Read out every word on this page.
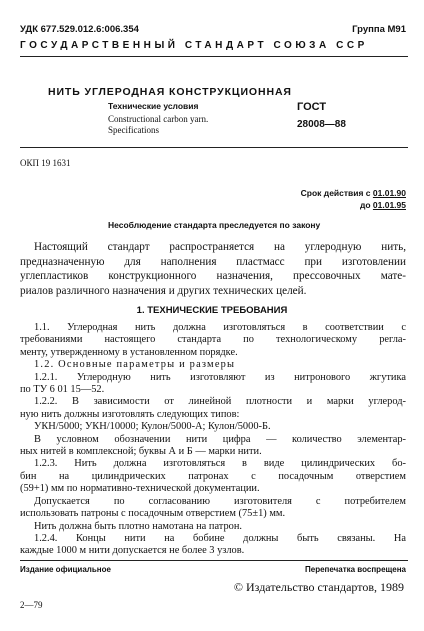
УДК 677.529.012.6:006.354	Группа М91
ГОСУДАРСТВЕННЫЙ СТАНДАРТ СОЮЗА ССР
НИТЬ УГЛЕРОДНАЯ КОНСТРУКЦИОННАЯ
Технические условия
Constructional carbon yarn.
Specifications
ГОСТ
28008—88
ОКП 19 1631
Срок действия с 01.01.90
до 01.01.95
Несоблюдение стандарта преследуется по закону

Настоящий стандарт распространяется на углеродную нить,

предназначенную для наполнения пластмасс при изготовлении

углепластиков конструкционного назначения, прессовочных мате-

риалов различного назначения и других технических целей.

1. ТЕХНИЧЕСКИЕ ТРЕБОВАНИЯ

1.1. Углеродная нить должна изготовляться в соответствии с

требованиями настоящего стандарта по технологическому регла-

менту, утвержденному в установленном порядке.

1.2. Основные параметры и размеры

1.2.1. Углеродную нить изготовляют из нитронового жгутика

по ТУ 6 01 15—52.

1.2.2. В зависимости от линейной плотности и марки углерод-

ную нить должны изготовлять следующих типов:

УКН/5000; УКН/10000; Кулон/5000-А; Кулон/5000-Б.

В условном обозначении нити цифра — количество элементар-

ных нитей в комплексной; буквы А и Б — марки нити.

1.2.3. Нить должна изготовляться в виде цилиндрических бо-

бин на цилиндрических патронах с посадочным отверстием

(59+1) мм по нормативно-технической документации.

Допускается по согласованию изготовителя с потребителем

использовать патроны с посадочным отверстием (75±1) мм.

Нить должна быть плотно намотана на патрон.

1.2.4. Концы нити на бобине должны быть связаны. На

каждые 1000 м нити допускается не более 3 узлов.

Издание официальное	Перепечатка воспрещена
© Издательство стандартов, 1989
2—79
